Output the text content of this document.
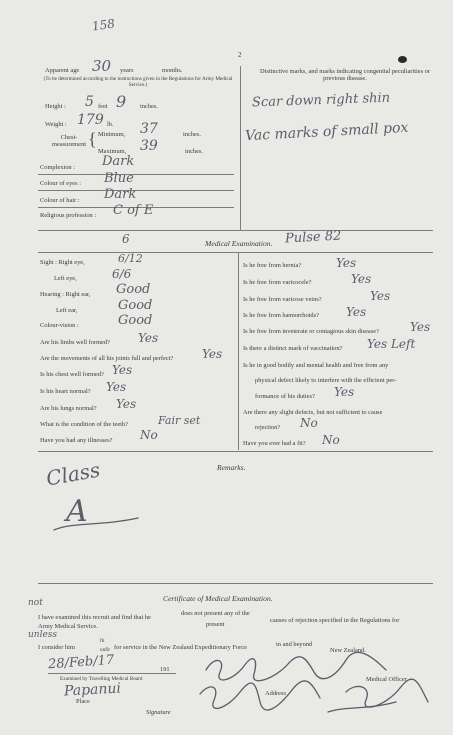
158
2
Apparent age 30 years	months.
(To be determined according to the instructions given in the Regulations for Army Medical Service.)
Height : 5 feet 9 inches.
Weight : 179 lb.
Chest-measurement { Minimum, 37	inches.
Maximum, 39	inches.
Complexion : Dark
Colour of eyes : Blue
Colour of hair : Dark
Religious profession : C of E
Distinctive marks, and marks indicating congenital peculiarities or previous disease.
Scar down right shin
Vac marks of small pox
6	Medical Examination. Pulse 82
Sight : Right eye,	6/12
Left eye,	6/6
Hearing : Right ear, Good
Left ear,	Good
Colour-vision :	Good
Are his limbs well formed? Yes
Are the movements of all his joints full and perfect? Yes
Is his chest well formed? Yes
Is his heart normal? Yes
Are his lungs normal? Yes
What is the condition of the teeth?	Fair set
Have you had any illnesses? No
Is he free from hernia?	Yes
Is he free from varicocele?	Yes
Is he free from varicose veins?	Yes
Is he free from hæmorrhoids? Yes
Is he free from inveterate or contagious skin disease?	Yes
Is there a distinct mark of vaccination? Yes Left
Is he in good bodily and mental health and free from any
physical defect likely to interfere with the efficient per-
formance of his duties? Yes
Are there any slight defects, but not sufficient to cause
rejection? No
Have you ever had a fit? No
Remarks.
Class
A
Certificate of Medical Examination.
not
I have examined this recruit and find that he
does not present any of the
causes of rejection specified in the Regulations for
Army Medical Service.	present
unless
I consider him
fit
unfit for service in the New Zealand Expeditionary Force	in and beyond
New Zealand.
28/Feb/17	191
Examined by Travelling Medical Board
Papanui
Place
Medical Officer.
Address
Signature
